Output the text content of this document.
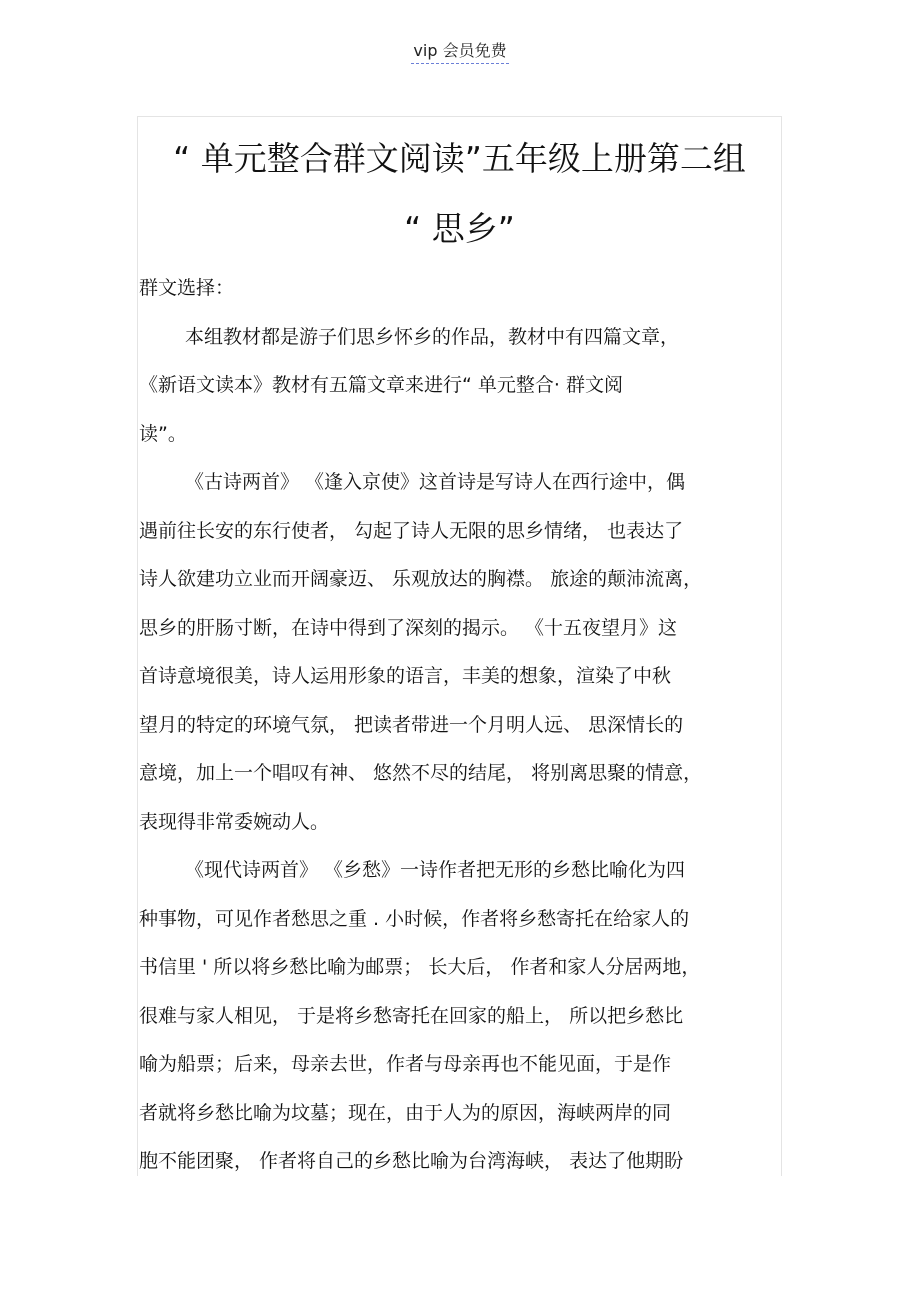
vip 会员免费
“ 单元整合群文阅读”五年级上册第二组
“ 思乡”
群文选择：
本组教材都是游子们思乡怀乡的作品，教材中有四篇文章，
《新语文读本》教材有五篇文章来进行“ 单元整合· 群文阅
读”。
《古诗两首》 《逢入京使》这首诗是写诗人在西行途中，偶
遇前往长安的东行使者， 勾起了诗人无限的思乡情绪， 也表达了
诗人欲建功立业而开阔豪迈、 乐观放达的胸襟。 旅途的颠沛流离，
思乡的肝肠寸断，在诗中得到了深刻的揭示。 《十五夜望月》这
首诗意境很美，诗人运用形象的语言，丰美的想象，渲染了中秋
望月的特定的环境气氛， 把读者带进一个月明人远、 思深情长的
意境，加上一个唱叹有神、 悠然不尽的结尾， 将别离思聚的情意，
表现得非常委婉动人。
《现代诗两首》 《乡愁》一诗作者把无形的乡愁比喻化为四
种事物，可见作者愁思之重 . 小时候，作者将乡愁寄托在给家人的
书信里 ' 所以将乡愁比喻为邮票； 长大后， 作者和家人分居两地，
很难与家人相见， 于是将乡愁寄托在回家的船上， 所以把乡愁比
喻为船票；后来，母亲去世，作者与母亲再也不能见面，于是作
者就将乡愁比喻为坟墓；现在，由于人为的原因，海峡两岸的同
胞不能团聚， 作者将自己的乡愁比喻为台湾海峡， 表达了他期盼
